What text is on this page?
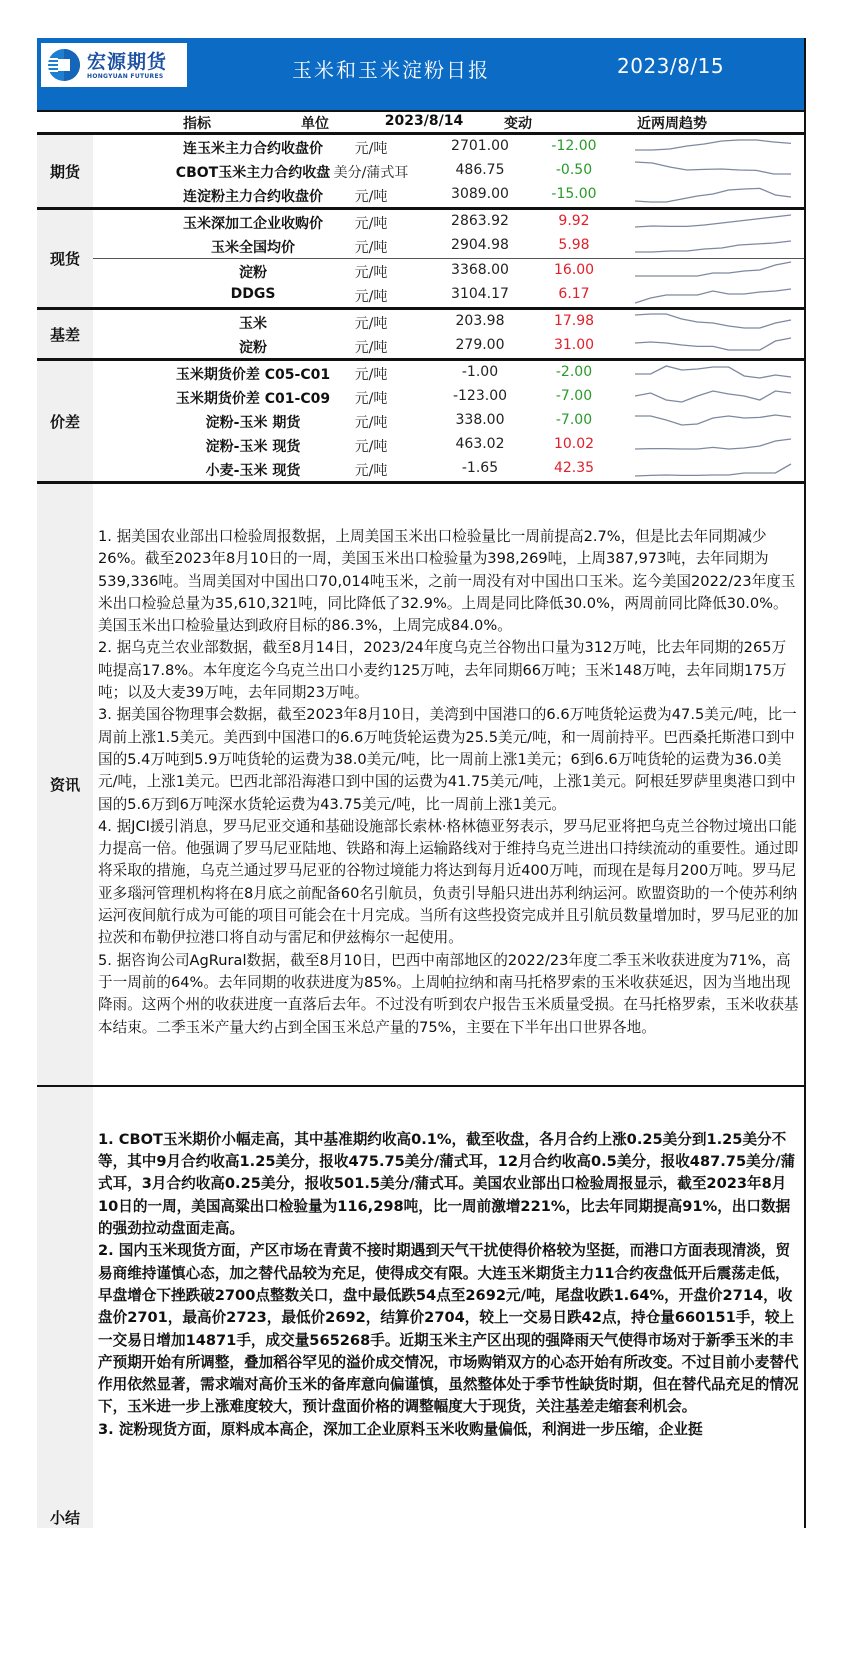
宏源期货
HONGYUAN FUTURES	玉米和玉米淀粉日报	2023/8/15
指标	单位	2023/8/14	变动	近两周趋势
期货
连玉米主力合约收盘价 元/吨	2701.00	-12.00
CBOT玉米主力合约收盘 美分/蒲式耳	486.75	-0.50
连淀粉主力合约收盘价 元/吨	3089.00	-15.00
现货
玉米深加工企业收购价 元/吨	2863.92	9.92
玉米全国均价	元/吨	2904.98	5.98
淀粉	元/吨	3368.00	16.00
DDGS	元/吨	3104.17	6.17
基差
玉米	元/吨	203.98	17.98
淀粉	元/吨	279.00	31.00
价差
玉米期货价差 C05-C01 元/吨	-1.00	-2.00
玉米期货价差 C01-C09 元/吨	-123.00	-7.00
淀粉-玉米 期货	元/吨	338.00	-7.00
淀粉-玉米 现货	元/吨	463.02	10.02
小麦-玉米 现货	元/吨	-1.65	42.35
资讯

1. 据美国农业部出口检验周报数据，上周美国玉米出口检验量比一周前提高2.7%，但是比去年同期减少26%。截至2023年8月10日的一周，美国玉米出口检验量为398,269吨，上周387,973吨，去年同期为539,336吨。当周美国对中国出口70,014吨玉米，之前一周没有对中国出口玉米。迄今美国2022/23年度玉米出口检验总量为35,610,321吨，同比降低了32.9%。上周是同比降低30.0%，两周前同比降低30.0%。美国玉米出口检验量达到政府目标的86.3%，上周完成84.0%。

2. 据乌克兰农业部数据，截至8月14日，2023/24年度乌克兰谷物出口量为312万吨，比去年同期的265万吨提高17.8%。本年度迄今乌克兰出口小麦约125万吨，去年同期66万吨；玉米148万吨，去年同期175万吨；以及大麦39万吨，去年同期23万吨。

3. 据美国谷物理事会数据，截至2023年8月10日，美湾到中国港口的6.6万吨货轮运费为47.5美元/吨，比一周前上涨1.5美元。美西到中国港口的6.6万吨货轮运费为25.5美元/吨，和一周前持平。巴西桑托斯港口到中国的5.4万吨到5.9万吨货轮的运费为38.0美元/吨，比一周前上涨1美元；6到6.6万吨货轮的运费为36.0美元/吨，上涨1美元。巴西北部沿海港口到中国的运费为41.75美元/吨，上涨1美元。阿根廷罗萨里奥港口到中国的5.6万到6万吨深水货轮运费为43.75美元/吨，比一周前上涨1美元。

4. 据JCI援引消息，罗马尼亚交通和基础设施部长索林·格林德亚努表示，罗马尼亚将把乌克兰谷物过境出口能力提高一倍。他强调了罗马尼亚陆地、铁路和海上运输路线对于维持乌克兰进出口持续流动的重要性。通过即将采取的措施，乌克兰通过罗马尼亚的谷物过境能力将达到每月近400万吨，而现在是每月200万吨。罗马尼亚多瑙河管理机构将在8月底之前配备60名引航员，负责引导船只进出苏利纳运河。欧盟资助的一个使苏利纳运河夜间航行成为可能的项目可能会在十月完成。当所有这些投资完成并且引航员数量增加时，罗马尼亚的加拉茨和布勒伊拉港口将自动与雷尼和伊兹梅尔一起使用。

5. 据咨询公司AgRural数据，截至8月10日，巴西中南部地区的2022/23年度二季玉米收获进度为71%，高于一周前的64%。去年同期的收获进度为85%。上周帕拉纳和南马托格罗索的玉米收获延迟，因为当地出现降雨。这两个州的收获进度一直落后去年。不过没有听到农户报告玉米质量受损。在马托格罗索，玉米收获基本结束。二季玉米产量大约占到全国玉米总产量的75%，主要在下半年出口世界各地。

小结

1. CBOT玉米期价小幅走高，其中基准期约收高0.1%，截至收盘，各月合约上涨0.25美分到1.25美分不等，其中9月合约收高1.25美分，报收475.75美分/蒲式耳，12月合约收高0.5美分，报收487.75美分/蒲式耳，3月合约收高0.25美分，报收501.5美分/蒲式耳。美国农业部出口检验周报显示，截至2023年8月10日的一周，美国高粱出口检验量为116,298吨，比一周前激增221%，比去年同期提高91%，出口数据的强劲拉动盘面走高。

2. 国内玉米现货方面，产区市场在青黄不接时期遇到天气干扰使得价格较为坚挺，而港口方面表现清淡，贸易商维持谨慎心态，加之替代品较为充足，使得成交有限。大连玉米期货主力11合约夜盘低开后震荡走低，早盘增仓下挫跌破2700点整数关口，盘中最低跌54点至2692元/吨，尾盘收跌1.64%，开盘价2714，收盘价2701，最高价2723，最低价2692，结算价2704，较上一交易日跌42点，持仓量660151手，较上一交易日增加14871手，成交量565268手。近期玉米主产区出现的强降雨天气使得市场对于新季玉米的丰产预期开始有所调整，叠加稻谷罕见的溢价成交情况，市场购销双方的心态开始有所改变。不过目前小麦替代作用依然显著，需求端对高价玉米的备库意向偏谨慎，虽然整体处于季节性缺货时期，但在替代品充足的情况下，玉米进一步上涨难度较大，预计盘面价格的调整幅度大于现货，关注基差走缩套利机会。

3. 淀粉现货方面，原料成本高企，深加工企业原料玉米收购量偏低，利润进一步压缩，企业挺
